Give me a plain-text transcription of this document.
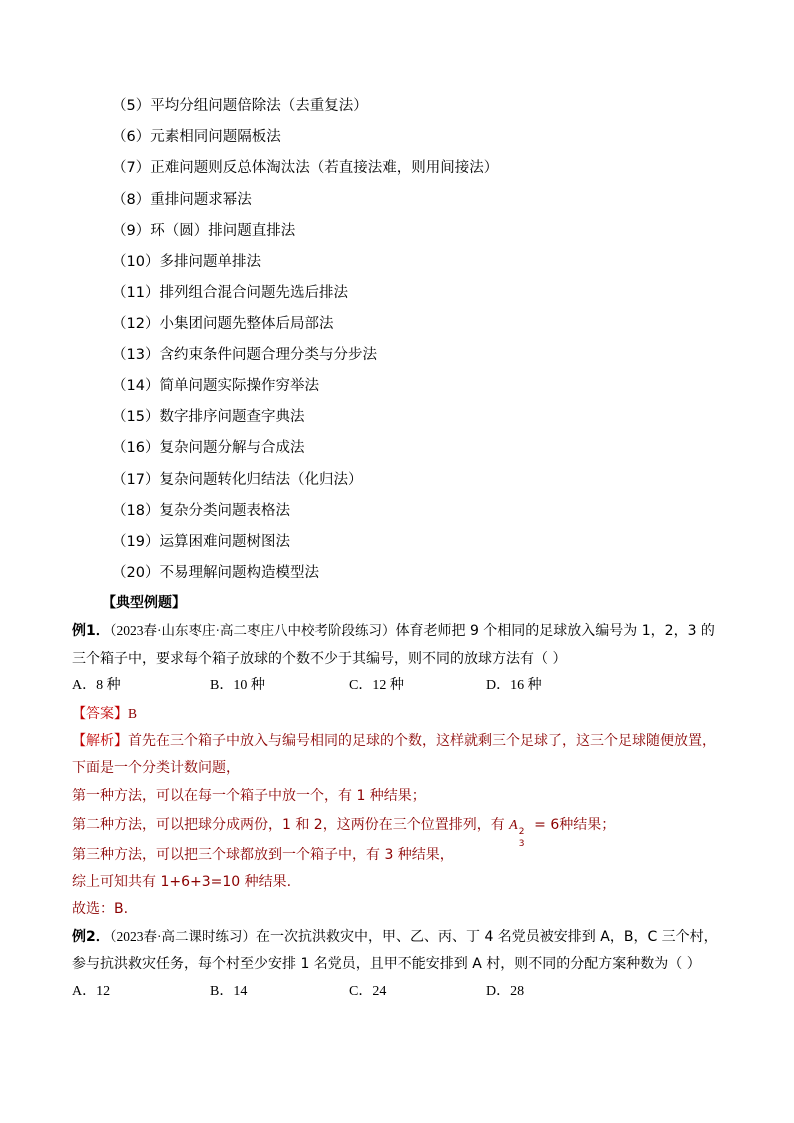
（5）平均分组问题倍除法（去重复法）
（6）元素相同问题隔板法
（7）正难问题则反总体淘汰法（若直接法难，则用间接法）
（8）重排问题求幂法
（9）环（圆）排问题直排法
（10）多排问题单排法
（11）排列组合混合问题先选后排法
（12）小集团问题先整体后局部法
（13）含约束条件问题合理分类与分步法
（14）简单问题实际操作穷举法
（15）数字排序问题查字典法
（16）复杂问题分解与合成法
（17）复杂问题转化归结法（化归法）
（18）复杂分类问题表格法
（19）运算困难问题树图法
（20）不易理解问题构造模型法
【典型例题】
例1．（2023春·山东枣庄·高二枣庄八中校考阶段练习）体育老师把 9 个相同的足球放入编号为 1，2，3 的
三个箱子中，要求每个箱子放球的个数不少于其编号，则不同的放球方法有（ ）
A．8 种	B．10 种	C．12 种	D．16 种
【答案】B
【解析】首先在三个箱子中放入与编号相同的足球的个数，这样就剩三个足球了，这三个足球随便放置，
下面是一个分类计数问题，
第一种方法，可以在每一个箱子中放一个，有 1 种结果；
第二种方法，可以把球分成两份，1 和 2，这两份在三个位置排列，有 A 2
3
= 6种结果；
第三种方法，可以把三个球都放到一个箱子中，有 3 种结果，
综上可知共有 1+6+3=10 种结果.
故选：B.
例2．（2023春·高二课时练习）在一次抗洪救灾中，甲、乙、丙、丁 4 名党员被安排到 A，B，C 三个村，
参与抗洪救灾任务，每个村至少安排 1 名党员，且甲不能安排到 A 村，则不同的分配方案种数为（ ）
A．12	B．14	C．24	D．28
